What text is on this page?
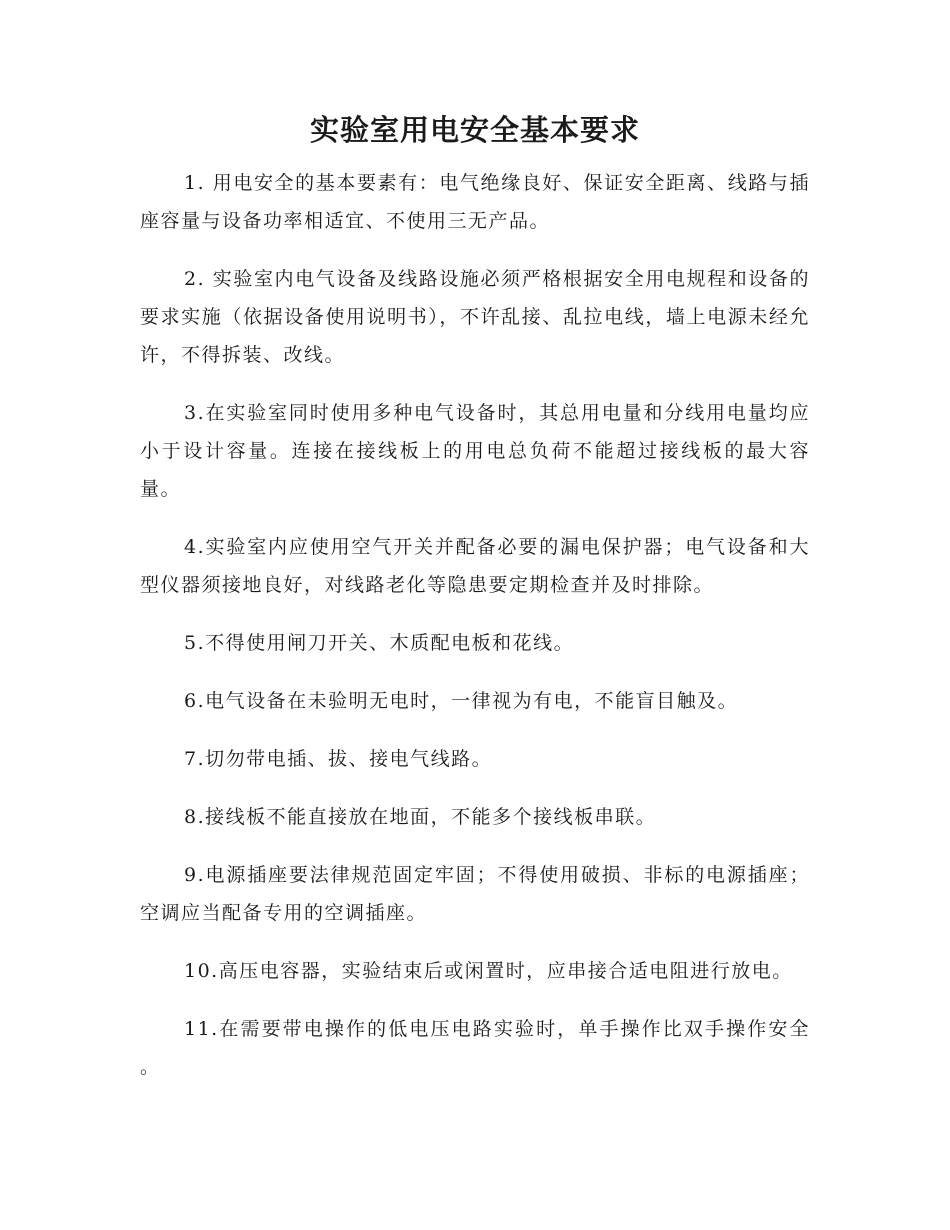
实验室用电安全基本要求

1. 用电安全的基本要素有：电气绝缘良好、保证安全距离、线路与插座容量与设备功率相适宜、不使用三无产品。

2. 实验室内电气设备及线路设施必须严格根据安全用电规程和设备的要求实施（依据设备使用说明书），不许乱接、乱拉电线，墙上电源未经允许，不得拆装、改线。

3.在实验室同时使用多种电气设备时，其总用电量和分线用电量均应小于设计容量。连接在接线板上的用电总负荷不能超过接线板的最大容量。

4.实验室内应使用空气开关并配备必要的漏电保护器；电气设备和大型仪器须接地良好，对线路老化等隐患要定期检查并及时排除。

5.不得使用闸刀开关、木质配电板和花线。

6.电气设备在未验明无电时，一律视为有电，不能盲目触及。

7.切勿带电插、拔、接电气线路。

8.接线板不能直接放在地面，不能多个接线板串联。

9.电源插座要法律规范固定牢固；不得使用破损、非标的电源插座；空调应当配备专用的空调插座。

10.高压电容器，实验结束后或闲置时，应串接合适电阻进行放电。

11.在需要带电操作的低电压电路实验时，单手操作比双手操作安全 。
